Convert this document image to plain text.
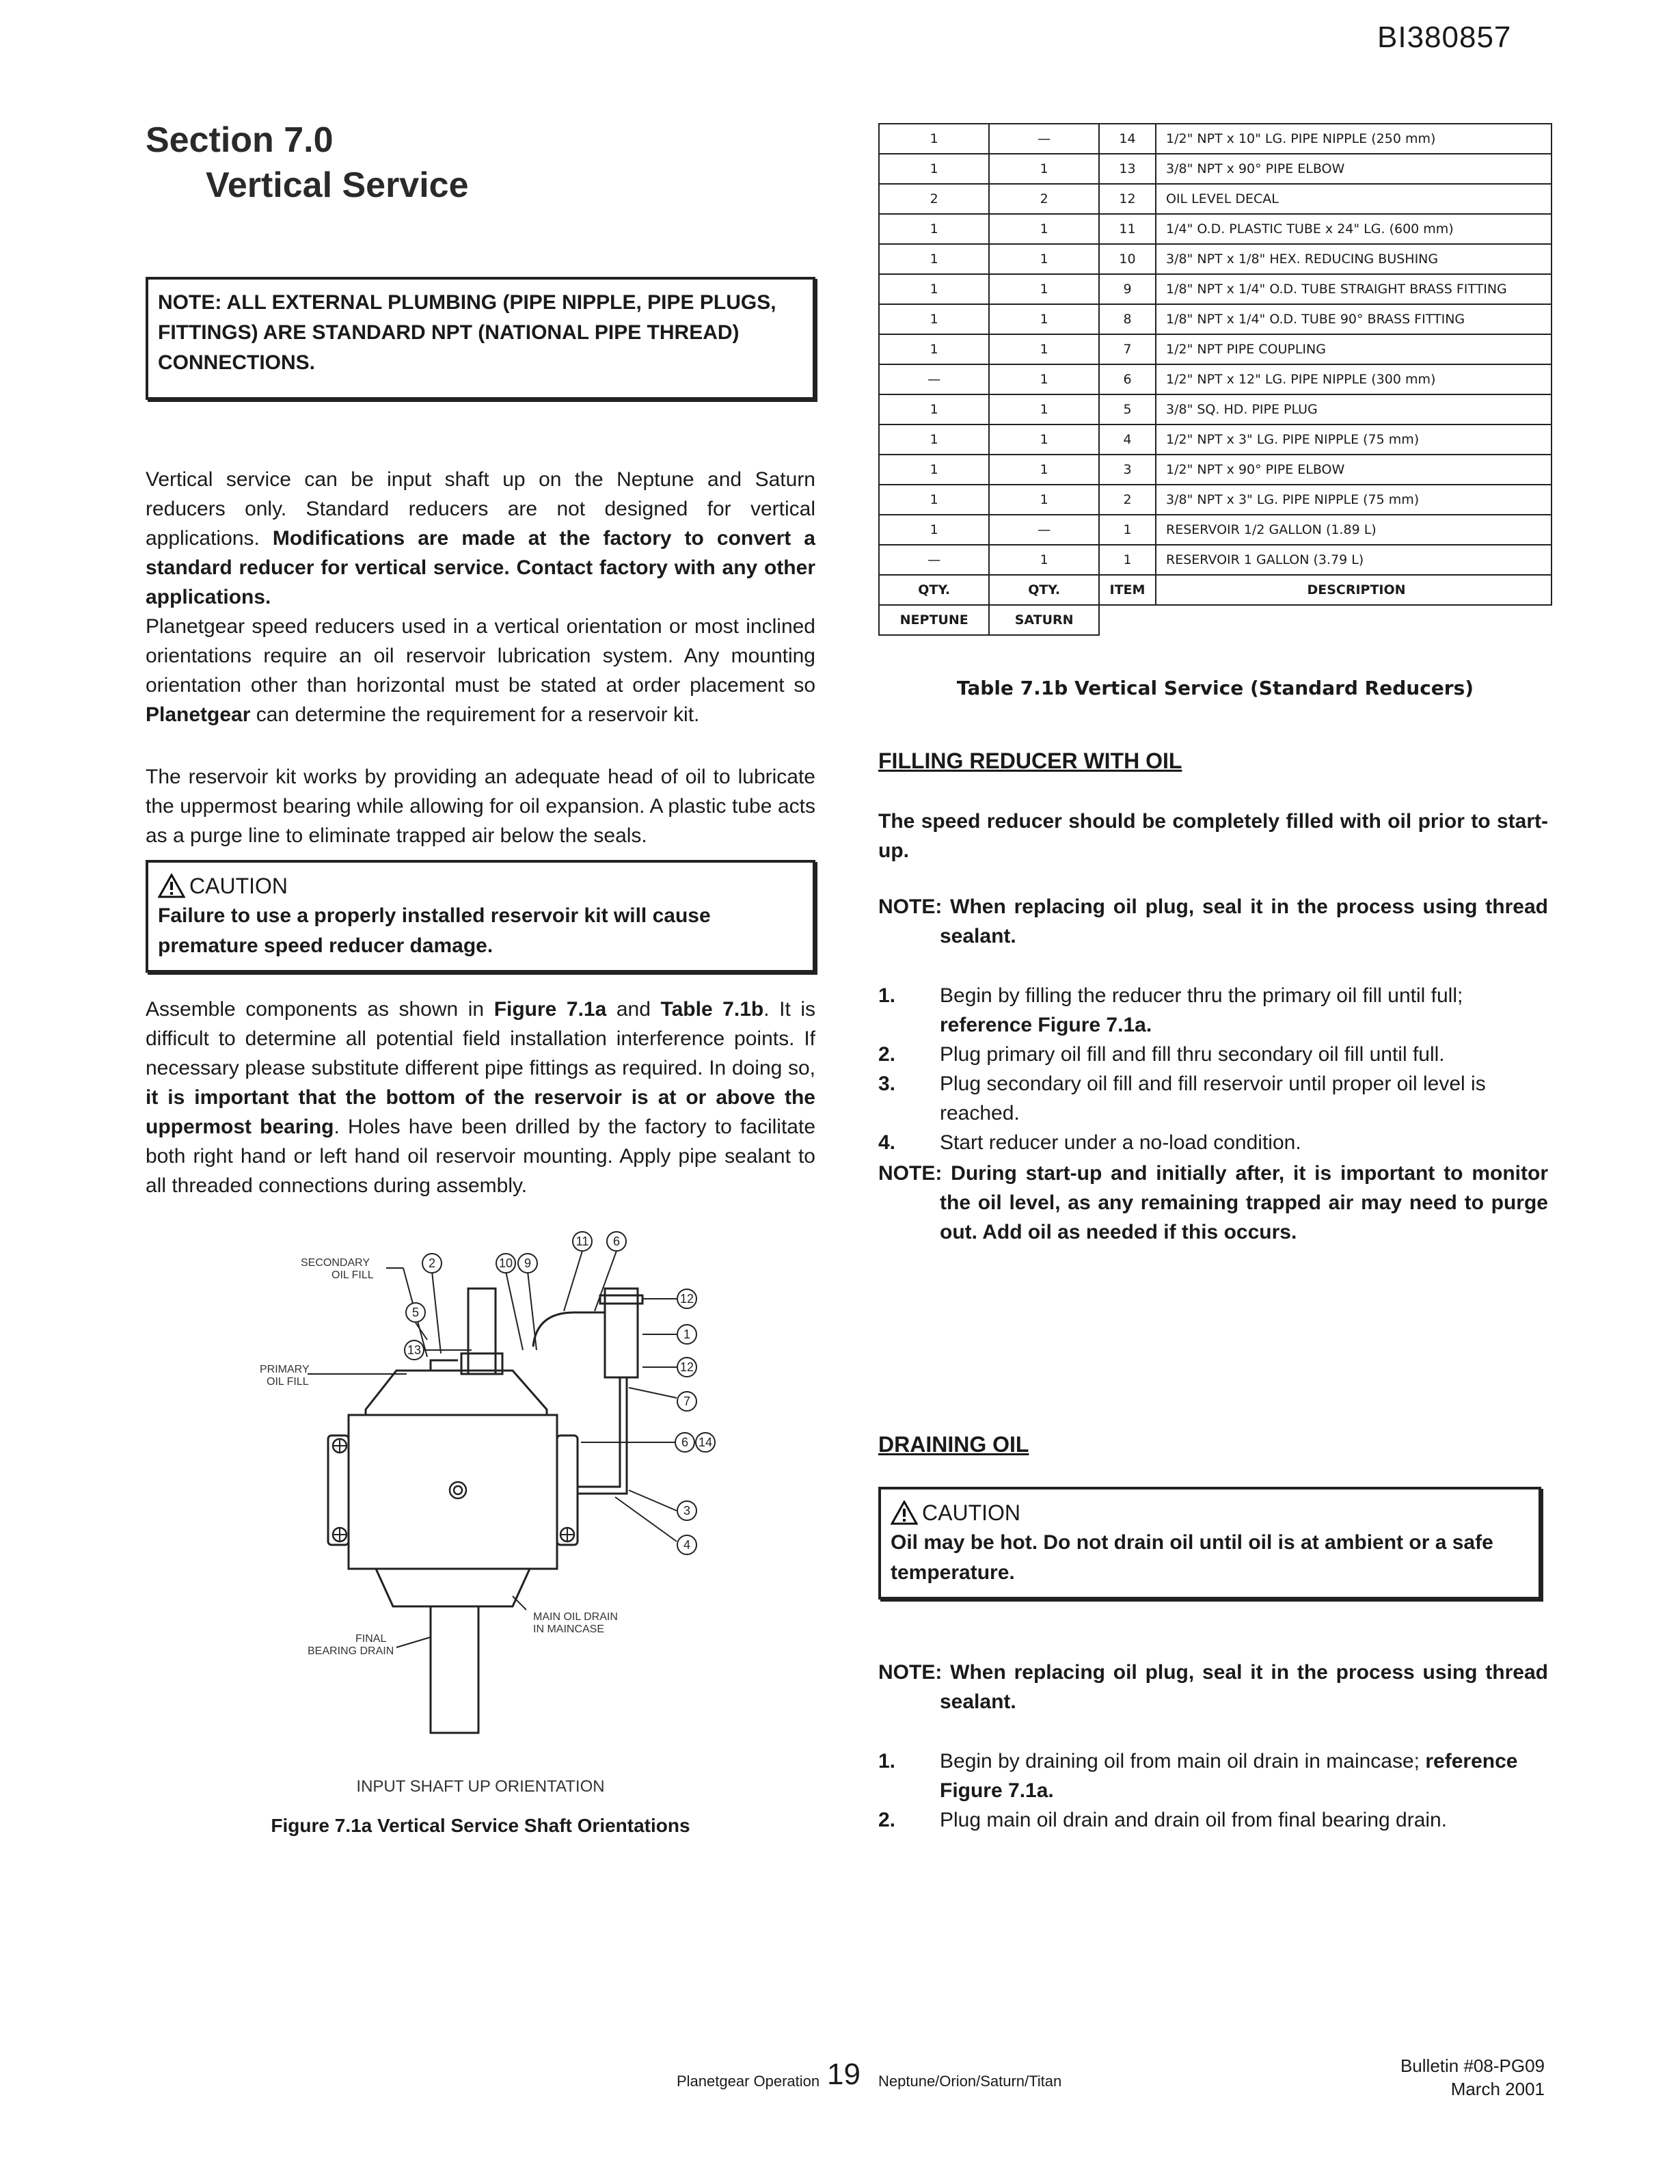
BI380857
Section 7.0
Vertical Service
NOTE: ALL EXTERNAL PLUMBING (PIPE NIPPLE, PIPE PLUGS, FITTINGS) ARE STANDARD NPT (NATIONAL PIPE THREAD) CONNECTIONS.
Vertical service can be input shaft up on the Neptune and Saturn reducers only. Standard reducers are not designed for vertical applications. Modifications are made at the factory to convert a standard reducer for vertical service. Contact factory with any other applications.
Planetgear speed reducers used in a vertical orientation or most inclined orientations require an oil reservoir lubrication system. Any mounting orientation other than horizontal must be stated at order placement so Planetgear can determine the requirement for a reservoir kit.
The reservoir kit works by providing an adequate head of oil to lubricate the uppermost bearing while allowing for oil expansion. A plastic tube acts as a purge line to eliminate trapped air below the seals.
CAUTION
Failure to use a properly installed reservoir kit will cause premature speed reducer damage.
Assemble components as shown in Figure 7.1a and Table 7.1b. It is difficult to determine all potential field installation interference points. If necessary please substitute different pipe fittings as required. In doing so, it is important that the bottom of the reservoir is at or above the uppermost bearing. Holes have been drilled by the factory to facilitate both right hand or left hand oil reservoir mounting. Apply pipe sealant to all threaded connections during assembly.
2	10 9
11 6
5
13
12
1
12
7
6 14
3
4
SECONDARY
OIL FILL
PRIMARY
OIL FILL
MAIN OIL DRAIN
IN MAINCASE
FINAL
BEARING DRAIN
INPUT SHAFT UP ORIENTATION
Figure 7.1a Vertical Service Shaft Orientations
1	—	14	1/2" NPT x 10" LG. PIPE NIPPLE (250 mm)
1	1	13	3/8" NPT x 90° PIPE ELBOW
2	2	12	OIL LEVEL DECAL
1	1	11	1/4" O.D. PLASTIC TUBE x 24" LG. (600 mm)
1	1	10	3/8" NPT x 1/8" HEX. REDUCING BUSHING
1	1	9	1/8" NPT x 1/4" O.D. TUBE STRAIGHT BRASS FITTING
1	1	8	1/8" NPT x 1/4" O.D. TUBE 90° BRASS FITTING
1	1	7	1/2" NPT PIPE COUPLING
—	1	6	1/2" NPT x 12" LG. PIPE NIPPLE (300 mm)
1	1	5	3/8" SQ. HD. PIPE PLUG
1	1	4	1/2" NPT x 3" LG. PIPE NIPPLE (75 mm)
1	1	3	1/2" NPT x 90° PIPE ELBOW
1	1	2	3/8" NPT x 3" LG. PIPE NIPPLE (75 mm)
1	—	1	RESERVOIR 1/2 GALLON (1.89 L)
—	1	1	RESERVOIR 1 GALLON (3.79 L)
QTY.	QTY.	ITEM	DESCRIPTION
NEPTUNE	SATURN		
Table 7.1b Vertical Service (Standard Reducers)
FILLING REDUCER WITH OIL
The speed reducer should be completely filled with oil prior to start-up.
NOTE: When replacing oil plug, seal it in the process using thread sealant.
1.	Begin by filling the reducer thru the primary oil fill until full; reference Figure 7.1a.
2.	Plug primary oil fill and fill thru secondary oil fill until full.
3.	Plug secondary oil fill and fill reservoir until proper oil level is reached.
4.	Start reducer under a no-load condition.
NOTE: During start-up and initially after, it is important to monitor the oil level, as any remaining trapped air may need to purge out. Add oil as needed if this occurs.
DRAINING OIL
CAUTION
Oil may be hot. Do not drain oil until oil is at ambient or a safe temperature.
NOTE: When replacing oil plug, seal it in the process using thread sealant.
1.	Begin by draining oil from main oil drain in maincase; reference Figure 7.1a.
2.	Plug main oil drain and drain oil from final bearing drain.
Planetgear Operation 19 Neptune/Orion/Saturn/Titan
Bulletin #08-PG09
March 2001
